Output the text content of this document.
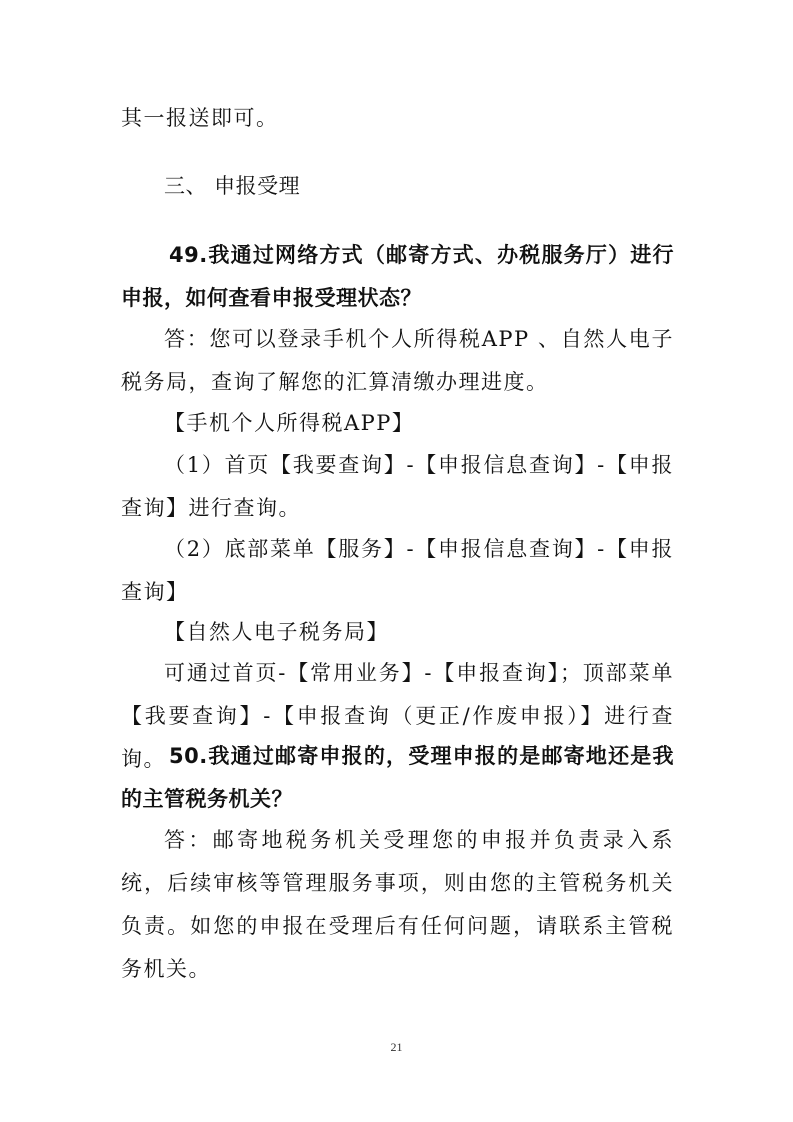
其一报送即可。
三、 申报受理
49.我通过网络方式（邮寄方式、办税服务厅）进行申报，如何查看申报受理状态？
答：您可以登录手机个人所得税APP 、自然人电子税务局，查询了解您的汇算清缴办理进度。
【手机个人所得税APP】
（1）首页【我要查询】-【申报信息查询】-【申报查询】进行查询。
（2）底部菜单【服务】-【申报信息查询】-【申报查询】
【自然人电子税务局】
可通过首页-【常用业务】-【申报查询】；顶部菜单【我要查询】-【申报查询（更正/作废申报）】进行查询。 50.我通过邮寄申报的，受理申报的是邮寄地还是我的主管税务机关？
答：邮寄地税务机关受理您的申报并负责录入系统，后续审核等管理服务事项，则由您的主管税务机关负责。如您的申报在受理后有任何问题，请联系主管税务机关。
21
